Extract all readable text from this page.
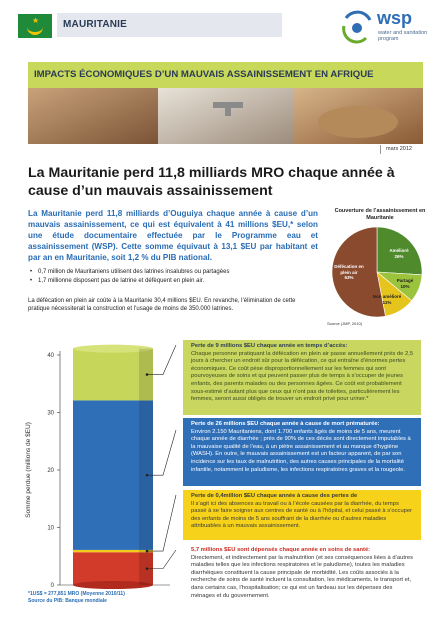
★ MAURITANIE	wsp
water and sanitation program
IMPACTS ÉCONOMIQUES D’UN MAUVAIS ASSAINISSEMENT EN AFRIQUE
mars 2012
La Mauritanie perd 11,8 milliards MRO chaque année à cause d’un mauvais assainissement

La Mauritanie perd 11,8 milliards d’Ouguiya chaque année à cause d’un mauvais assainissement, ce qui est équivalent à 41 millions $EU,* selon une étude documentaire effectuée par le Programme eau et assainissement (WSP). Cette somme équivaut à 13,1 $EU par habitant et par an en Mauritanie, soit 1,2 % du PIB national.

• 0,7 million de Mauritaniens utilisent des latrines insalubres ou partagées
• 1,7 millionne disposent pas de latrine et défèquent en plein air.

La défécation en plein air coûte à la Mauritanie 30,4 millions $EU. En revanche, l’élimination de cette pratique nécessiterait la construction et l’usage de moins de 350.000 latrines.

Couverture de l’assainissement en Mauritanie
Amélioré
26%
Partagé
10%
Non amélioré
11%
Défécation en plein air
53%
Source (JMP, 2010)
0
10
20
30
40
Somme perdue (millions de $EU)
*1US$ = 277,851 MRO (Moyenne 2010/11)
Source du PIB: Banque mondiale
Perte de 9 millions $EU chaque année en temps d’accès:
Chaque personne pratiquant la défécation en plein air passe annuellement près de 2,5 jours à chercher un endroit sûr pour la défécation, ce qui entraîne d’énormes pertes économiques. Ce coût pèse disproportionnellement sur les femmes qui sont pourvoyeuses de soins et qui peuvent passer plus de temps à s’occuper de jeunes enfants, des parents malades ou des personnes âgées. Ce coût est probablement sous-estimé d’autant plus que ceux qui n’ont pas de toilettes, particulièrement les femmes, seront aussi obligés de trouver un endroit privé pour uriner.*
Perte de 26 millions $EU chaque année à cause de mort prématurée:
Environ 2.150 Mauritaniens, dont 1.700 enfants âgés de moins de 5 ans, meurent chaque année de diarrhée ; près de 90% de ces décès sont directement imputables à la mauvaise qualité de l’eau, à un piètre assainissement et au manque d’hygiène (WASH). En outre, le mauvais assainissement est un facteur apparent, de par son incidence sur les taux de malnutrition, des autres causes principales de la mortalité infantile, notamment le paludisme, les infections respiratoires graves et la rougeole.
Perte de 0,4million $EU chaque année à cause des pertes de
Il s’agit ici des absences au travail ou à l’école causées par la diarrhée, du temps passé à se faire soigner aux centres de santé ou à l’hôpital, et celui passé à s’occuper des enfants de moins de 5 ans souffrant de la diarrhée ou d’autres maladies attribuables à un mauvais assainissement.
5,7 millions $EU sont dépensés chaque année en soins de santé:
Directement, et indirectement par la malnutrition (et ses conséquences liées à d’autres maladies telles que les infections respiratoires et le paludisme), toutes les maladies diarrhéiques constituent la cause principale de morbidité. Les coûts associés à la recherche de soins de santé incluent la consultation, les médicaments, le transport et, dans certains cas, l’hospitalisation; ce qui est un fardeau sur les dépenses des ménages et du gouvernement.
